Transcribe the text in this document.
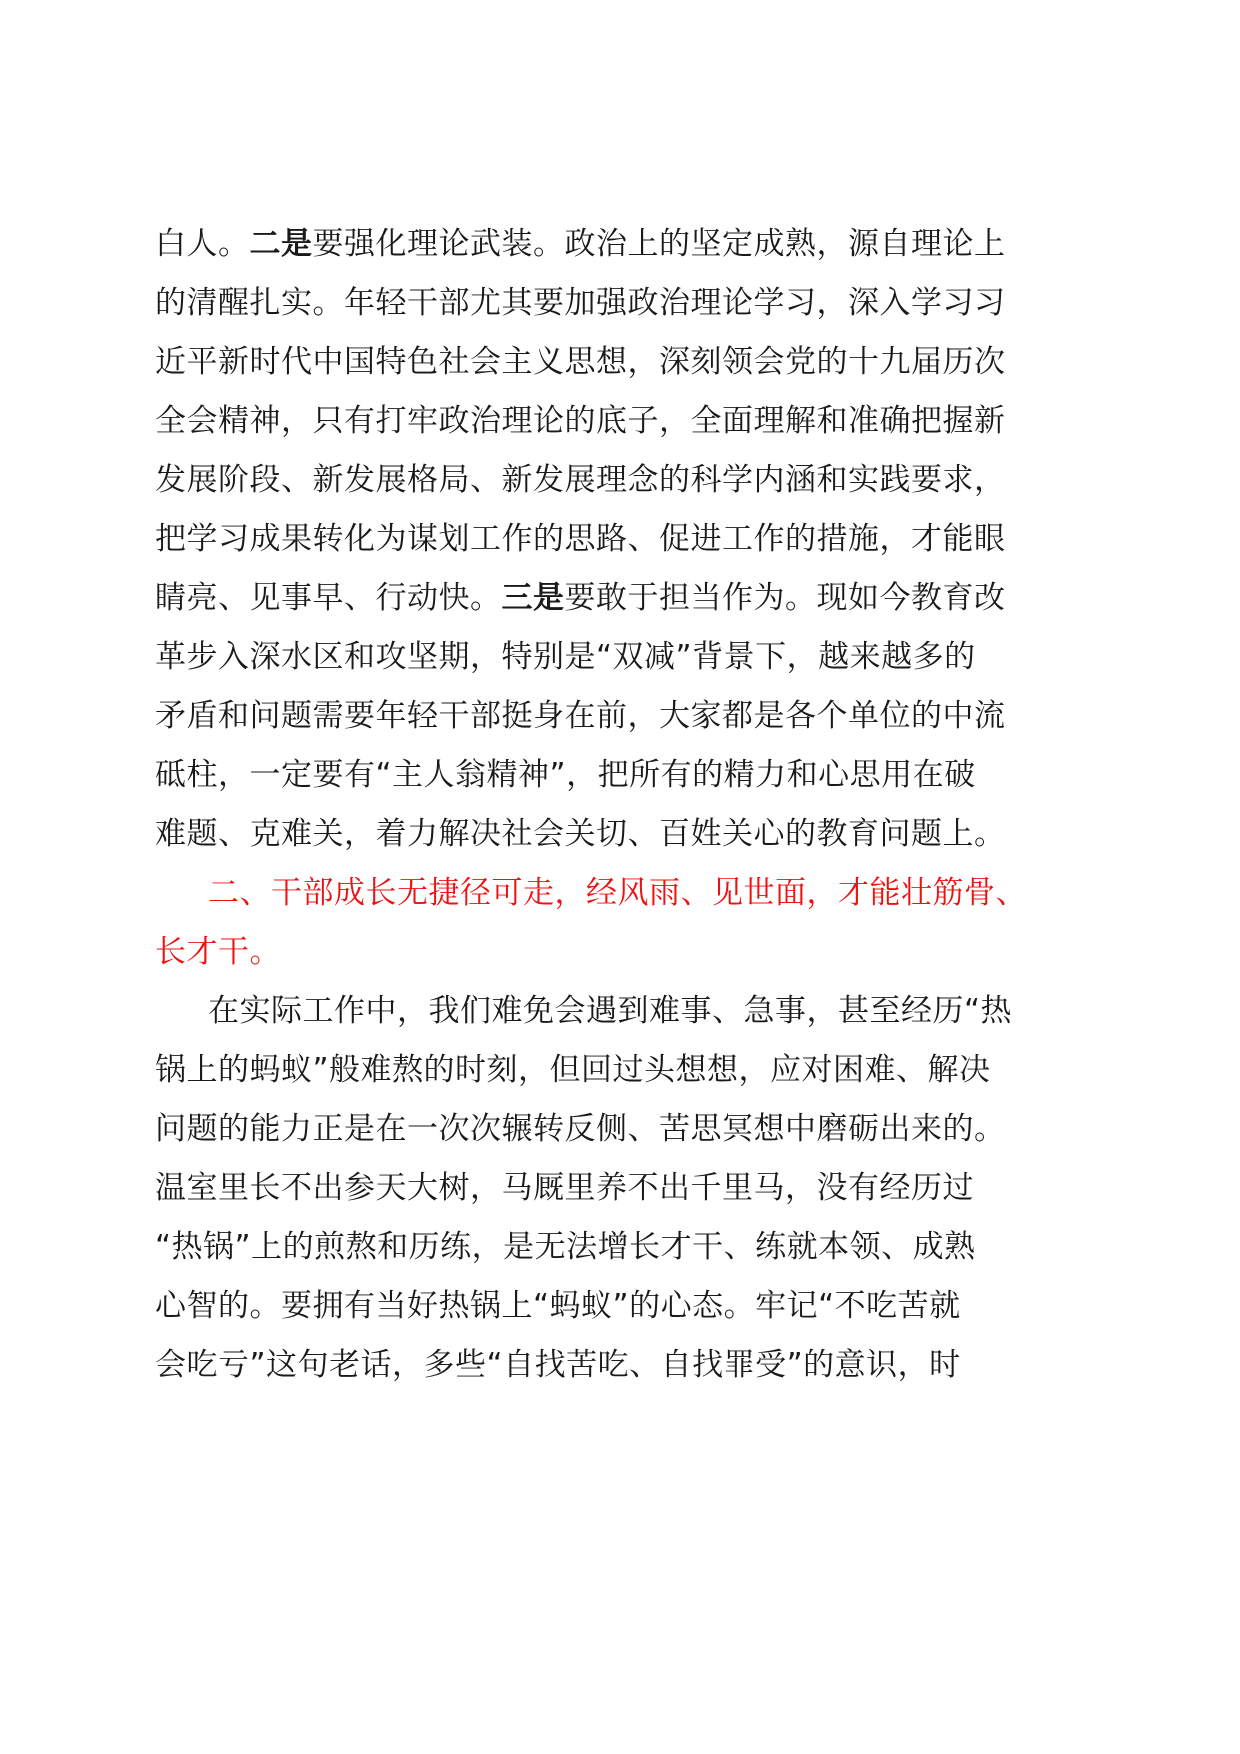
白人。二是要强化理论武装。政治上的坚定成熟，源自理论上
的清醒扎实。年轻干部尤其要加强政治理论学习，深入学习习
近平新时代中国特色社会主义思想，深刻领会党的十九届历次
全会精神，只有打牢政治理论的底子，全面理解和准确把握新
发展阶段、新发展格局、新发展理念的科学内涵和实践要求，
把学习成果转化为谋划工作的思路、促进工作的措施，才能眼
睛亮、见事早、行动快。三是要敢于担当作为。现如今教育改
革步入深水区和攻坚期，特别是“双减”背景下，越来越多的
矛盾和问题需要年轻干部挺身在前，大家都是各个单位的中流
砥柱，一定要有“主人翁精神”，把所有的精力和心思用在破
难题、克难关，着力解决社会关切、百姓关心的教育问题上。
二、干部成长无捷径可走，经风雨、见世面，才能壮筋骨、
长才干。
在实际工作中，我们难免会遇到难事、急事，甚至经历“热
锅上的蚂蚁”般难熬的时刻，但回过头想想，应对困难、解决
问题的能力正是在一次次辗转反侧、苦思冥想中磨砺出来的。
温室里长不出参天大树，马厩里养不出千里马，没有经历过
“热锅”上的煎熬和历练，是无法增长才干、练就本领、成熟
心智的。要拥有当好热锅上“蚂蚁”的心态。牢记“不吃苦就
会吃亏”这句老话，多些“自找苦吃、自找罪受”的意识，时
